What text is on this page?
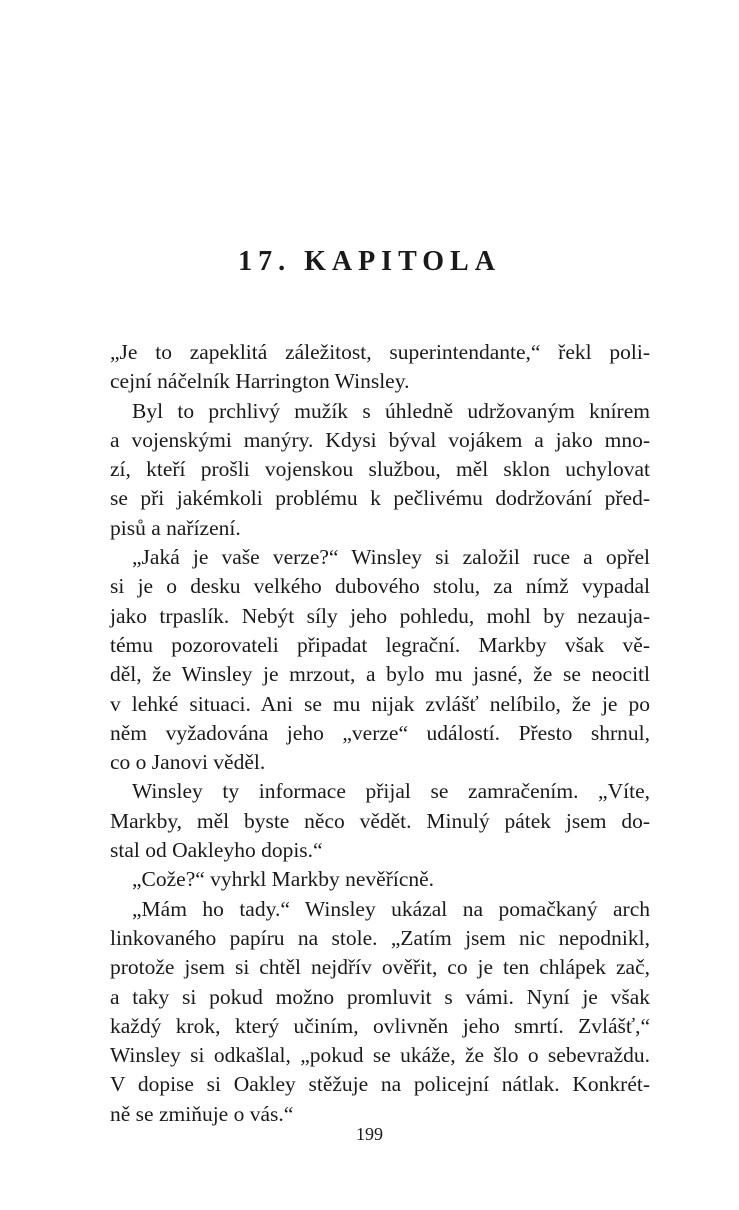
17. KAPITOLA
„Je to zapeklitá záležitost, superintendante,“ řekl poli-
cejní náčelník Harrington Winsley.
Byl to prchlivý mužík s úhledně udržovaným knírem
a vojenskými manýry. Kdysi býval vojákem a jako mno-
zí, kteří prošli vojenskou službou, měl sklon uchylovat
se při jakémkoli problému k pečlivému dodržování před-
pisů a nařízení.
„Jaká je vaše verze?“ Winsley si založil ruce a opřel
si je o desku velkého dubového stolu, za nímž vypadal
jako trpaslík. Nebýt síly jeho pohledu, mohl by nezauja-
tému pozorovateli připadat legrační. Markby však vě-
děl, že Winsley je mrzout, a bylo mu jasné, že se neocitl
v lehké situaci. Ani se mu nijak zvlášť nelíbilo, že je po
něm vyžadována jeho „verze“ událostí. Přesto shrnul,
co o Janovi věděl.
Winsley ty informace přijal se zamračením. „Víte,
Markby, měl byste něco vědět. Minulý pátek jsem do-
stal od Oakleyho dopis.“
„Cože?“ vyhrkl Markby nevěřícně.
„Mám ho tady.“ Winsley ukázal na pomačkaný arch
linkovaného papíru na stole. „Zatím jsem nic nepodnikl,
protože jsem si chtěl nejdřív ověřit, co je ten chlápek zač,
a taky si pokud možno promluvit s vámi. Nyní je však
každý krok, který učiním, ovlivněn jeho smrtí. Zvlášť,“
Winsley si odkašlal, „pokud se ukáže, že šlo o sebevraždu.
V dopise si Oakley stěžuje na policejní nátlak. Konkrét-
ně se zmiňuje o vás.“
199
